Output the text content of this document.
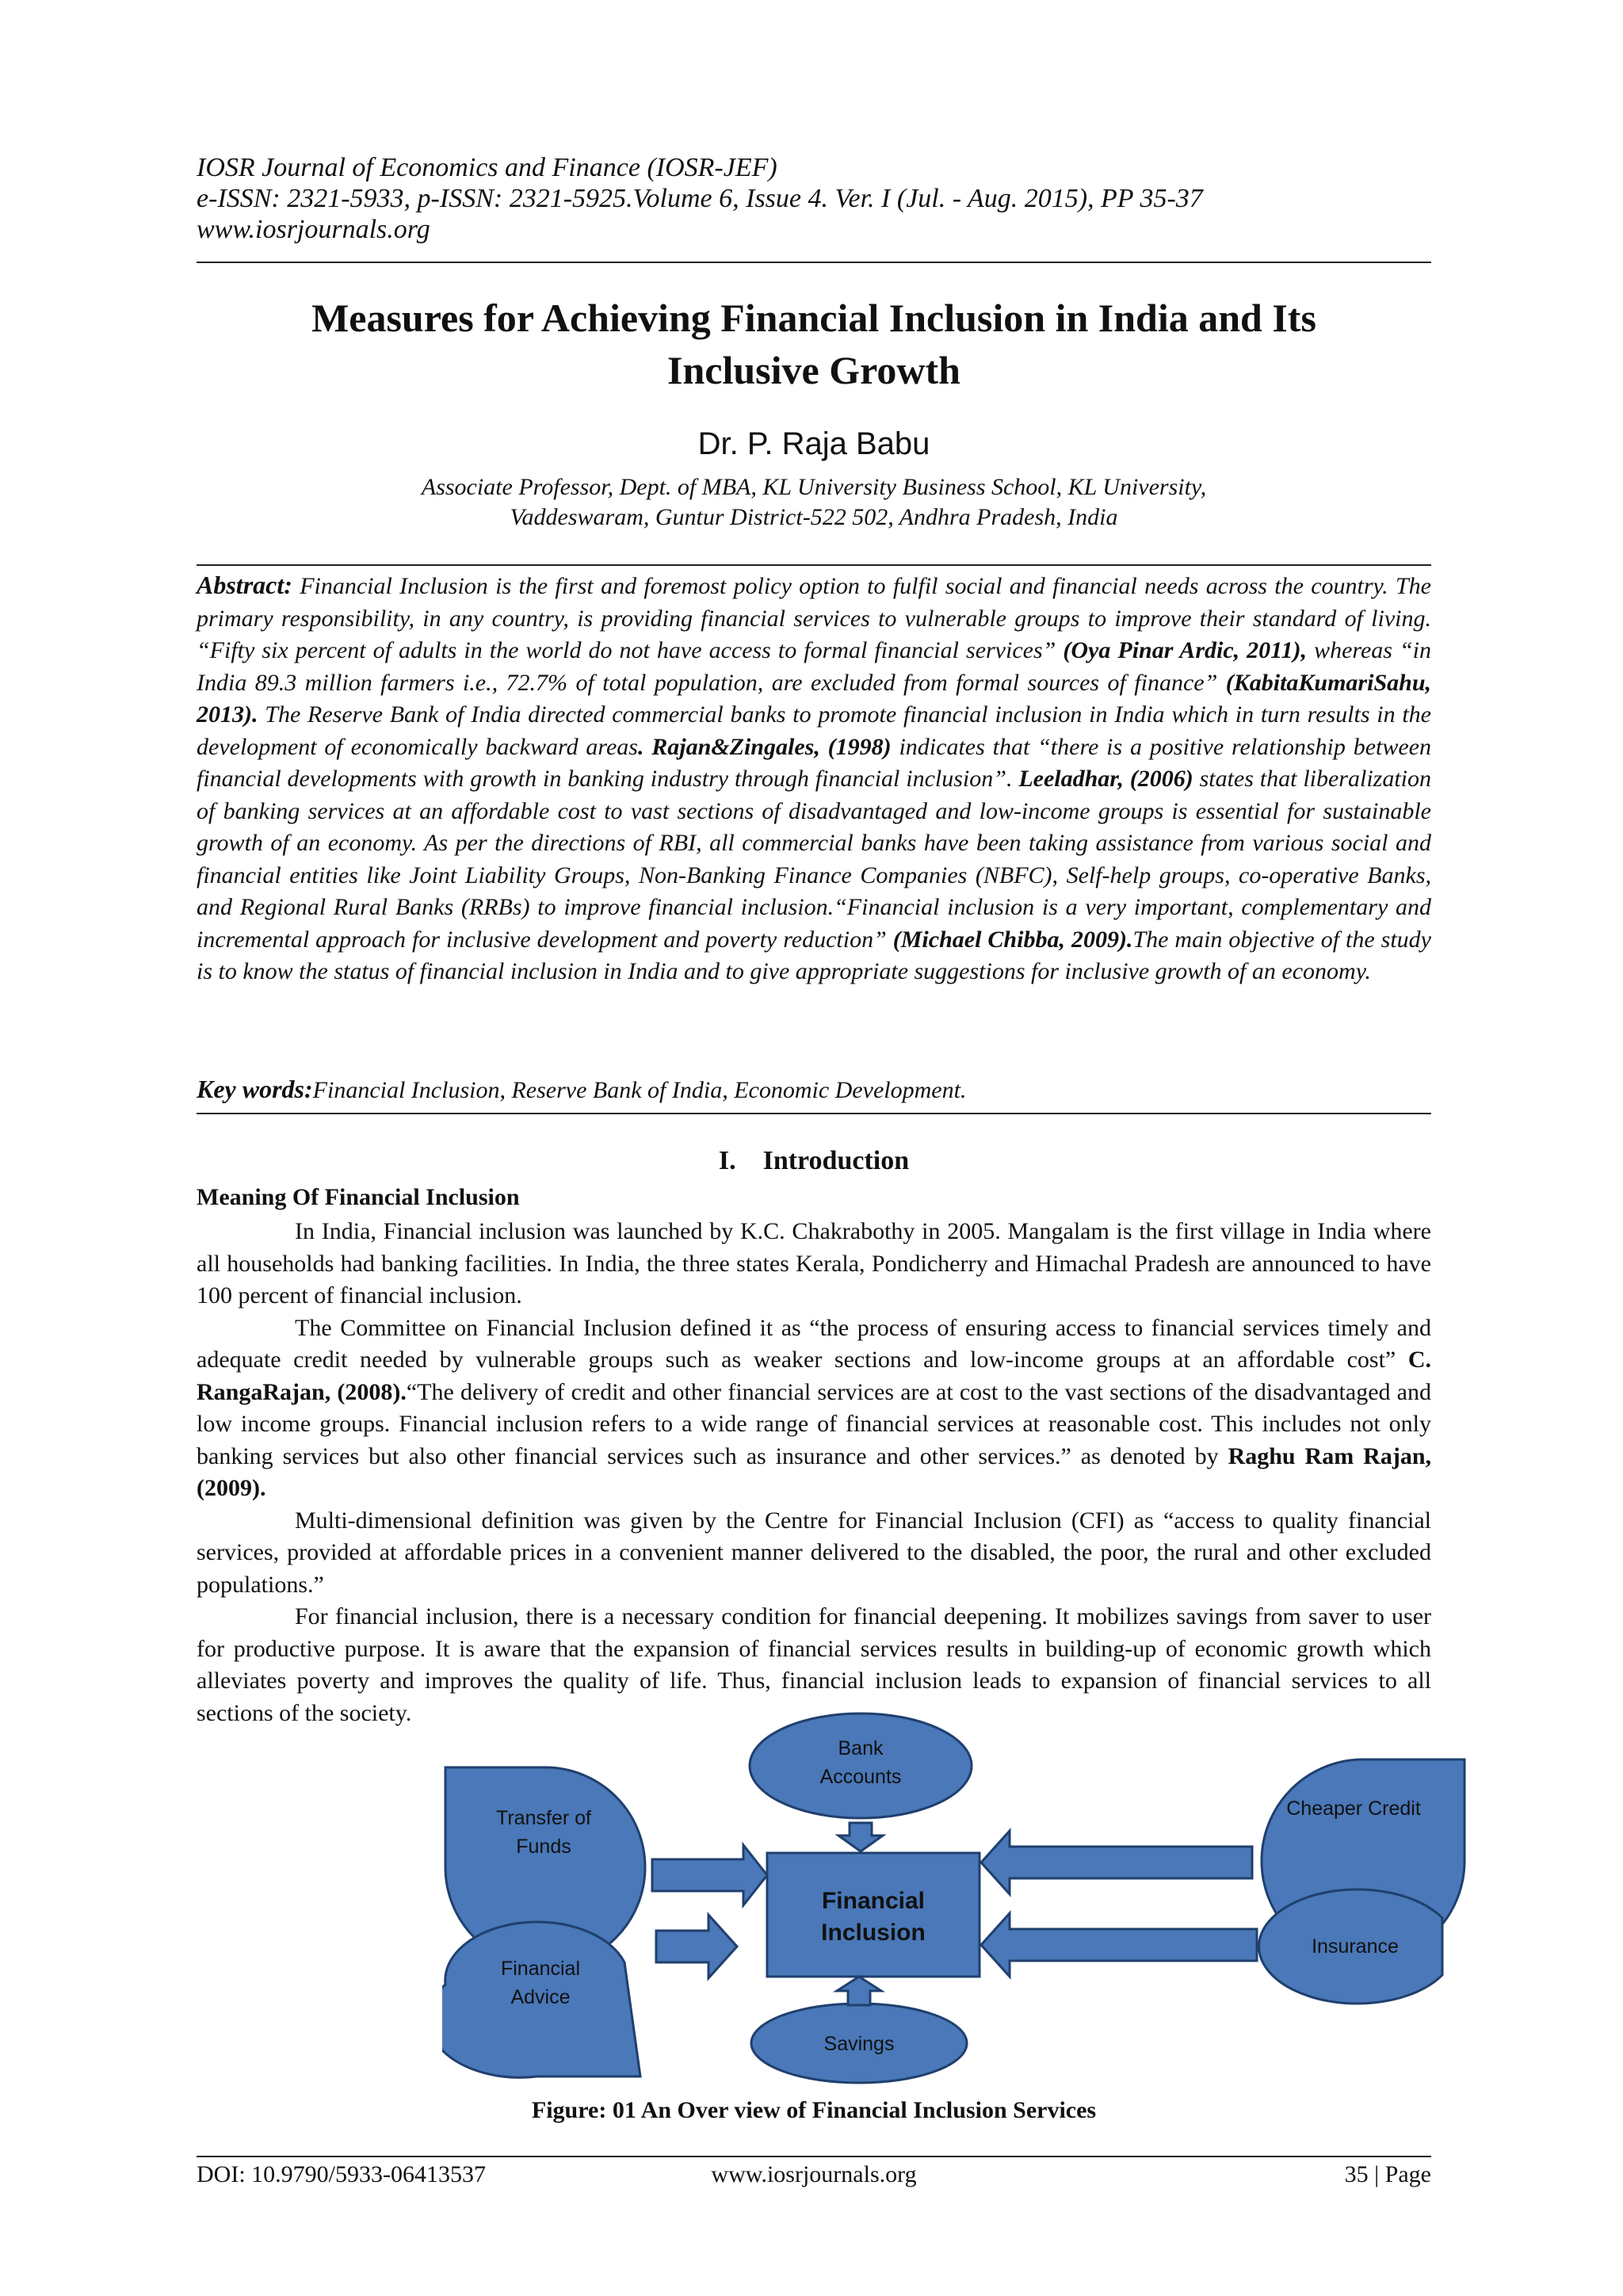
IOSR Journal of Economics and Finance (IOSR-JEF)
e-ISSN: 2321-5933, p-ISSN: 2321-5925.Volume 6, Issue 4. Ver. I (Jul. - Aug. 2015), PP 35-37
www.iosrjournals.org
Measures for Achieving Financial Inclusion in India and Its
Inclusive Growth
Dr. P. Raja Babu
Associate Professor, Dept. of MBA, KL University Business School, KL University,
Vaddeswaram, Guntur District-522 502, Andhra Pradesh, India

Abstract: Financial Inclusion is the first and foremost policy option to fulfil social and financial needs across the country. The primary responsibility, in any country, is providing financial services to vulnerable groups to improve their standard of living. “Fifty six percent of adults in the world do not have access to formal financial services” (Oya Pinar Ardic, 2011), whereas “in India 89.3 million farmers i.e., 72.7% of total population, are excluded from formal sources of finance” (KabitaKumariSahu, 2013). The Reserve Bank of India directed commercial banks to promote financial inclusion in India which in turn results in the development of economically backward areas. Rajan&Zingales, (1998) indicates that “there is a positive relationship between financial developments with growth in banking industry through financial inclusion”. Leeladhar, (2006) states that liberalization of banking services at an affordable cost to vast sections of disadvantaged and low-income groups is essential for sustainable growth of an economy. As per the directions of RBI, all commercial banks have been taking assistance from various social and financial entities like Joint Liability Groups, Non-Banking Finance Companies (NBFC), Self-help groups, co-operative Banks, and Regional Rural Banks (RRBs) to improve financial inclusion.“Financial inclusion is a very important, complementary and incremental approach for inclusive development and poverty reduction” (Michael Chibba, 2009).The main objective of the study is to know the status of financial inclusion in India and to give appropriate suggestions for inclusive growth of an economy.

Key words:Financial Inclusion, Reserve Bank of India, Economic Development.

I.    Introduction
Meaning Of Financial Inclusion

In India, Financial inclusion was launched by K.C. Chakrabothy in 2005. Mangalam is the first village in India where all households had banking facilities. In India, the three states Kerala, Pondicherry and Himachal Pradesh are announced to have 100 percent of financial inclusion.

The Committee on Financial Inclusion defined it as “the process of ensuring access to financial services timely and adequate credit needed by vulnerable groups such as weaker sections and low-income groups at an affordable cost” C. RangaRajan, (2008).“The delivery of credit and other financial services are at cost to the vast sections of the disadvantaged and low income groups. Financial inclusion refers to a wide range of financial services at reasonable cost. This includes not only banking services but also other financial services such as insurance and other services.” as denoted by Raghu Ram Rajan, (2009).

Multi-dimensional definition was given by the Centre for Financial Inclusion (CFI) as “access to quality financial services, provided at affordable prices in a convenient manner delivered to the disabled, the poor, the rural and other excluded populations.”

For financial inclusion, there is a necessary condition for financial deepening. It mobilizes savings from saver to user for productive purpose. It is aware that the expansion of financial services results in building-up of economic growth which alleviates poverty and improves the quality of life. Thus, financial inclusion leads to expansion of financial services to all sections of the society.

Bank
Accounts
Transfer of
Funds
Financial
Inclusion
Cheaper Credit
Insurance
Financial
Advice
Savings
Figure: 01 An Over view of Financial Inclusion Services
DOI: 10.9790/5933-06413537	www.iosrjournals.org	35 | Page
